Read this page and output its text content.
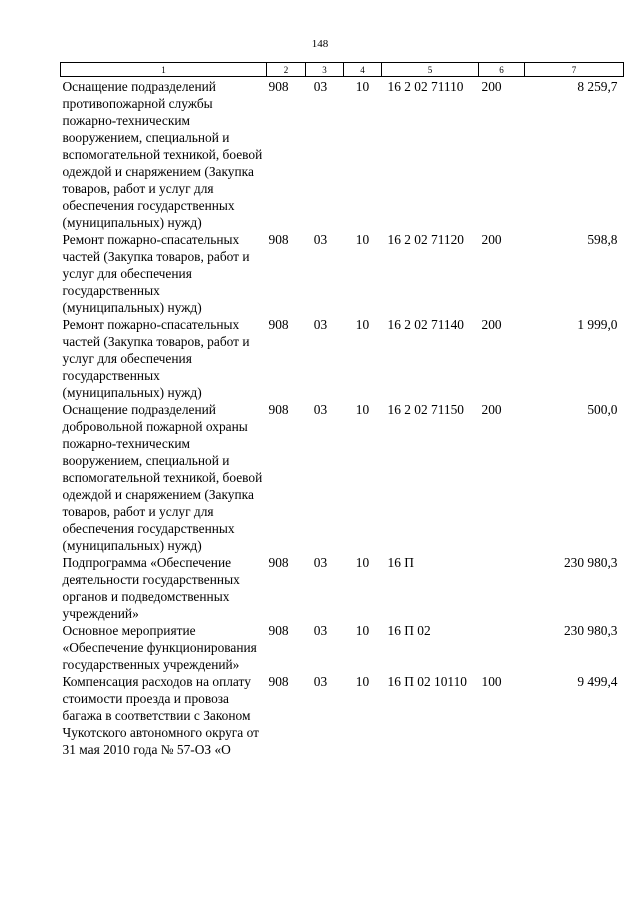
148
1	2	3	4	5	6	7
Оснащение подразделений противопожарной службы пожарно-техническим вооружением, специальной и вспомогательной техникой, боевой одеждой и снаряжением (Закупка товаров, работ и услуг для обеспечения государственных (муниципальных) нужд)	908	03	10	16 2 02 71110	200	8 259,7
Ремонт пожарно-спасательных частей (Закупка товаров, работ и услуг для обеспечения государственных (муниципальных) нужд)	908	03	10	16 2 02 71120	200	598,8
Ремонт пожарно-спасательных частей (Закупка товаров, работ и услуг для обеспечения государственных (муниципальных) нужд)	908	03	10	16 2 02 71140	200	1 999,0
Оснащение подразделений добровольной пожарной охраны пожарно-техническим вооружением, специальной и вспомогательной техникой, боевой одеждой и снаряжением (Закупка товаров, работ и услуг для обеспечения государственных (муниципальных) нужд)	908	03	10	16 2 02 71150	200	500,0
Подпрограмма «Обеспечение деятельности государственных органов и подведомственных учреждений»	908	03	10	16 П		230 980,3
Основное мероприятие «Обеспечение функционирования государственных учреждений»	908	03	10	16 П 02		230 980,3
Компенсация расходов на оплату стоимости проезда и провоза багажа в соответствии с Законом Чукотского автономного округа от 31 мая 2010 года № 57-ОЗ «О	908	03	10	16 П 02 10110	100	9 499,4
